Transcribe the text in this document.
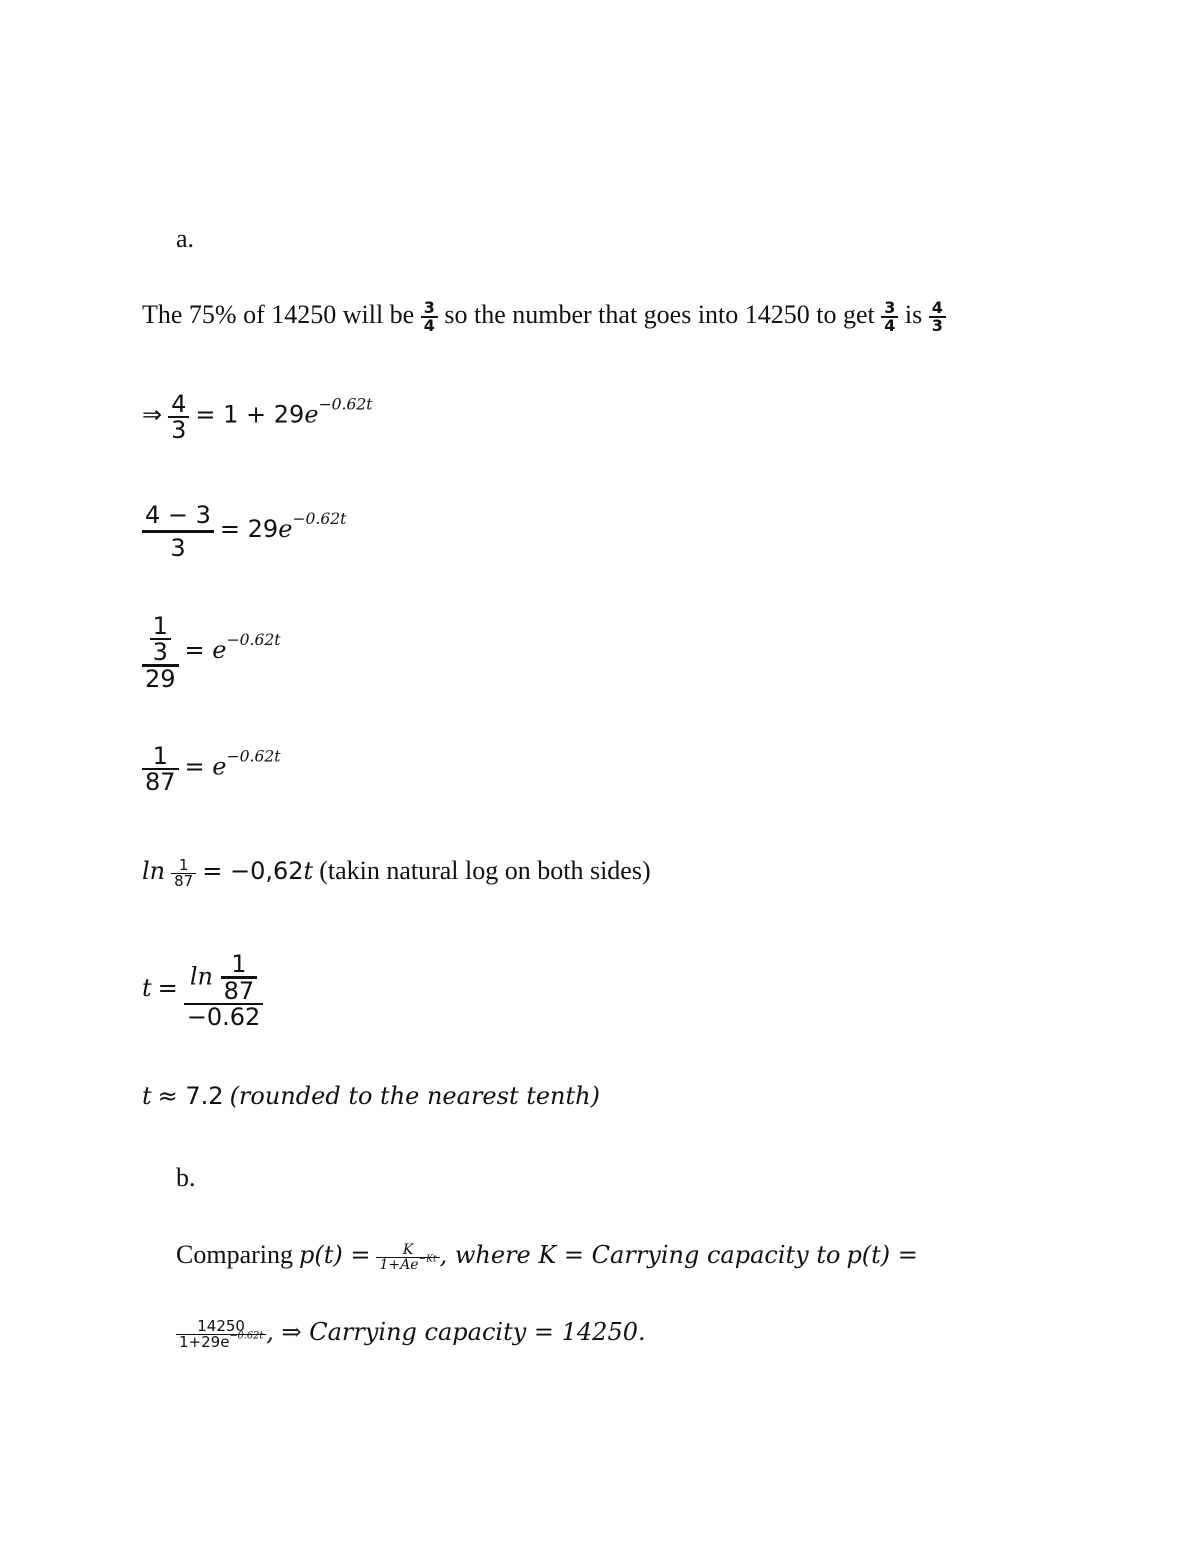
a.
The 75% of 14250 will be $\frac{3}{4}$ so the number that goes into 14250 to get $\frac{3}{4}$ is $\frac{4}{3}$
⇒ $\frac{4}{3} = 1 + 29e^{-0.62t}$
$\frac{4 - 3}{3} = 29e^{-0.62t}$
$\frac{\frac{1}{3}}{29} = e^{-0.62t}$
$\frac{1}{87} = e^{-0.62t}$
$\ln \frac{1}{87} = -0,62t$ (takin natural log on both sides)
$t = \frac{\ln \frac{1}{87}}{-0.62}$
t ≈ 7.2 (rounded to the nearest tenth)
b.
Comparing $p(t) = \frac{K}{1+Ae^{-Kt}}$ , where K = Carrying capacity to p(t) =
$\frac{14250}{1+29e^{-0.62t}}$ , ⇒ Carrying capacity = 14250.
